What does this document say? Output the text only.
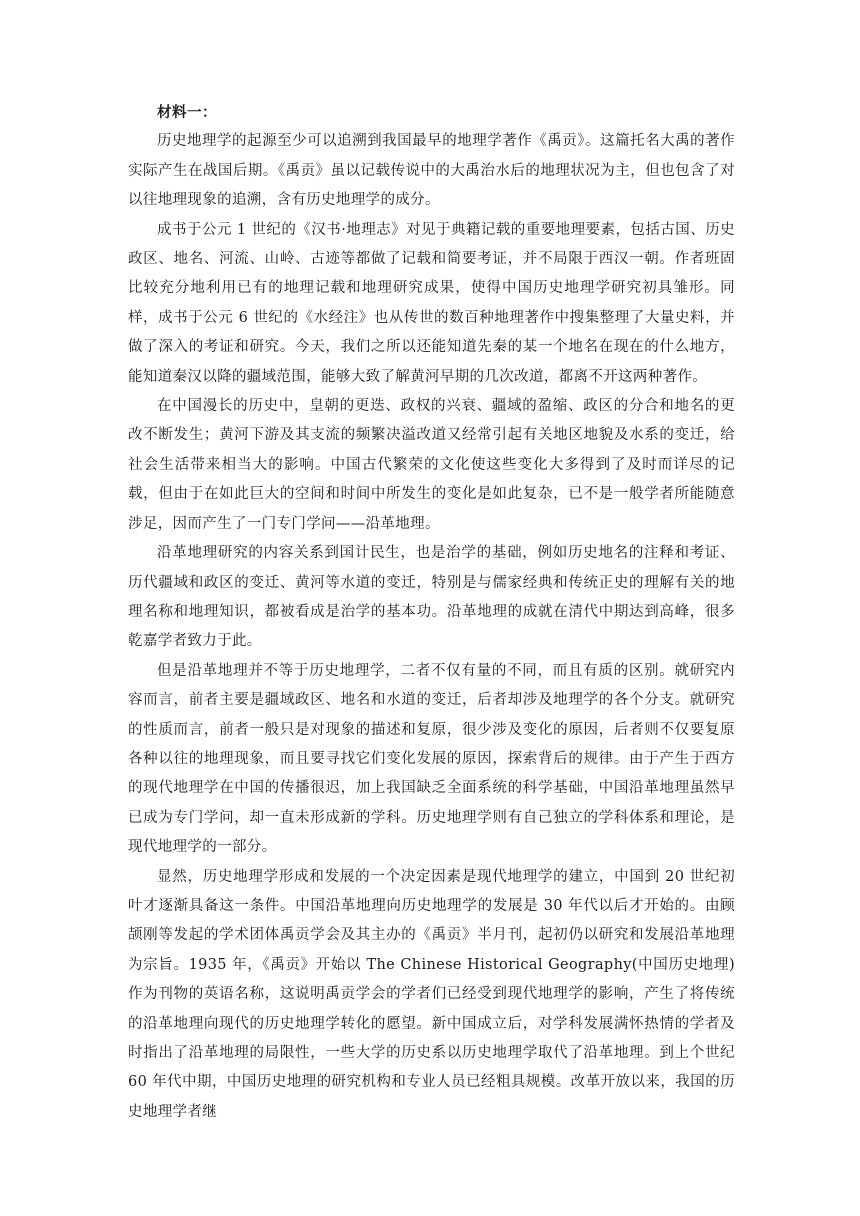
材料一：

历史地理学的起源至少可以追溯到我国最早的地理学著作《禹贡》。这篇托名大禹的著作实际产生在战国后期。《禹贡》虽以记载传说中的大禹治水后的地理状况为主，但也包含了对以往地理现象的追溯，含有历史地理学的成分。

成书于公元 1 世纪的《汉书·地理志》对见于典籍记载的重要地理要素，包括古国、历史政区、地名、河流、山岭、古迹等都做了记载和简要考证，并不局限于西汉一朝。作者班固比较充分地利用已有的地理记载和地理研究成果，使得中国历史地理学研究初具雏形。同样，成书于公元 6 世纪的《水经注》也从传世的数百种地理著作中搜集整理了大量史料，并做了深入的考证和研究。今天，我们之所以还能知道先秦的某一个地名在现在的什么地方，能知道秦汉以降的疆域范围，能够大致了解黄河早期的几次改道，都离不开这两种著作。

在中国漫长的历史中，皇朝的更迭、政权的兴衰、疆域的盈缩、政区的分合和地名的更改不断发生；黄河下游及其支流的频繁决溢改道又经常引起有关地区地貌及水系的变迁，给社会生活带来相当大的影响。中国古代繁荣的文化使这些变化大多得到了及时而详尽的记载，但由于在如此巨大的空间和时间中所发生的变化是如此复杂，已不是一般学者所能随意涉足，因而产生了一门专门学问——沿革地理。

沿革地理研究的内容关系到国计民生，也是治学的基础，例如历史地名的注释和考证、历代疆域和政区的变迁、黄河等水道的变迁，特别是与儒家经典和传统正史的理解有关的地理名称和地理知识，都被看成是治学的基本功。沿革地理的成就在清代中期达到高峰，很多乾嘉学者致力于此。

但是沿革地理并不等于历史地理学，二者不仅有量的不同，而且有质的区别。就研究内容而言，前者主要是疆域政区、地名和水道的变迁，后者却涉及地理学的各个分支。就研究的性质而言，前者一般只是对现象的描述和复原，很少涉及变化的原因，后者则不仅要复原各种以往的地理现象，而且要寻找它们变化发展的原因，探索背后的规律。由于产生于西方的现代地理学在中国的传播很迟，加上我国缺乏全面系统的科学基础，中国沿革地理虽然早已成为专门学问，却一直未形成新的学科。历史地理学则有自己独立的学科体系和理论，是现代地理学的一部分。

显然，历史地理学形成和发展的一个决定因素是现代地理学的建立，中国到 20 世纪初叶才逐渐具备这一条件。中国沿革地理向历史地理学的发展是 30 年代以后才开始的。由顾颉刚等发起的学术团体禹贡学会及其主办的《禹贡》半月刊，起初仍以研究和发展沿革地理为宗旨。1935 年，《禹贡》开始以 The Chinese Historical Geography(中国历史地理)作为刊物的英语名称，这说明禹贡学会的学者们已经受到现代地理学的影响，产生了将传统的沿革地理向现代的历史地理学转化的愿望。新中国成立后，对学科发展满怀热情的学者及时指出了沿革地理的局限性，一些大学的历史系以历史地理学取代了沿革地理。到上个世纪 60 年代中期，中国历史地理的研究机构和专业人员已经粗具规模。改革开放以来，我国的历史地理学者继
